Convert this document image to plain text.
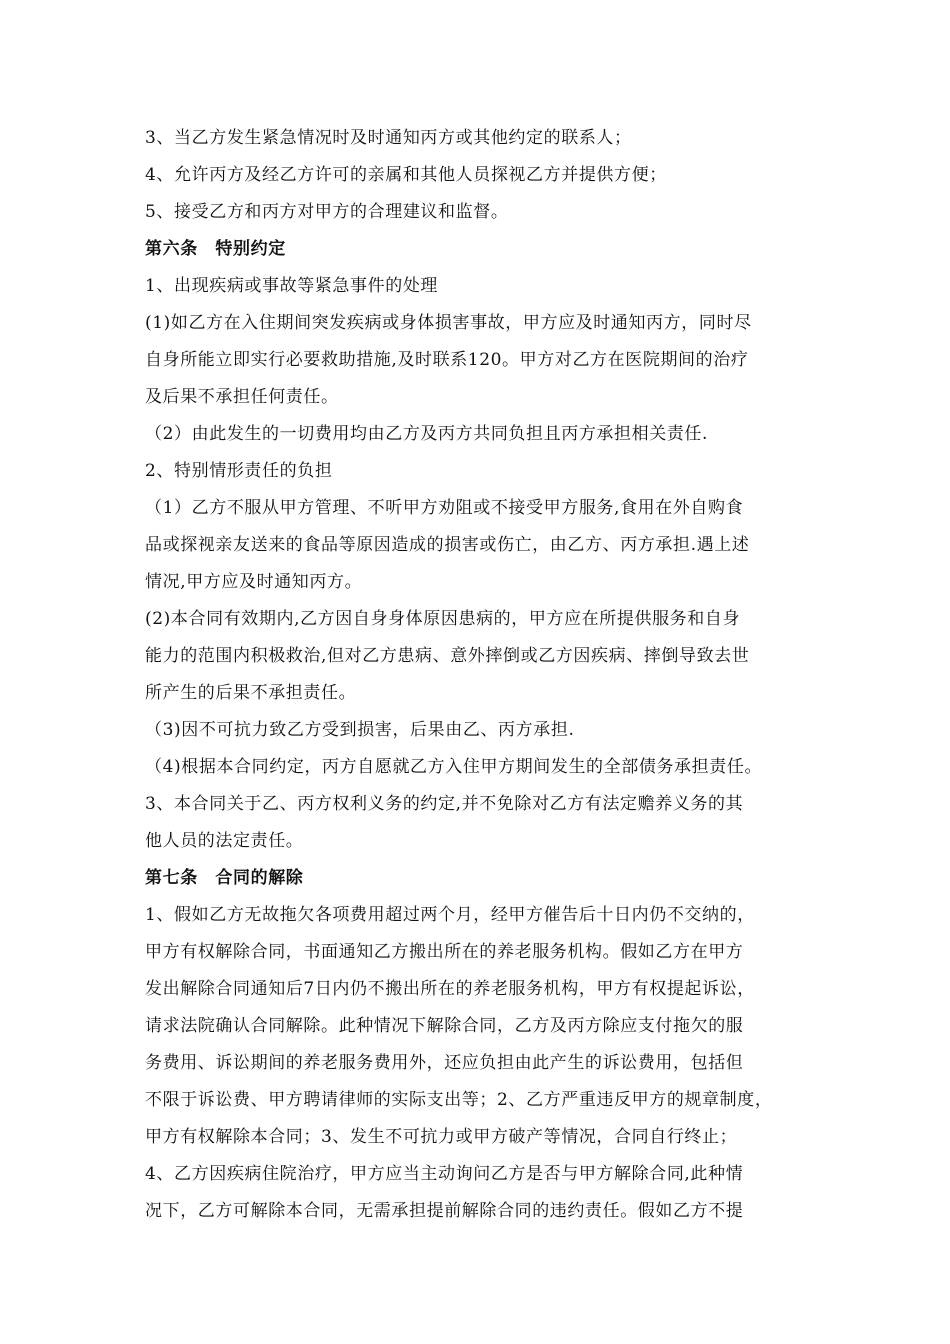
3、当乙方发生紧急情况时及时通知丙方或其他约定的联系人；
4、允许丙方及经乙方许可的亲属和其他人员探视乙方并提供方便；
5、接受乙方和丙方对甲方的合理建议和监督。
第六条　特别约定
1、出现疾病或事故等紧急事件的处理
(1)如乙方在入住期间突发疾病或身体损害事故，甲方应及时通知丙方，同时尽
自身所能立即实行必要救助措施,及时联系120。甲方对乙方在医院期间的治疗
及后果不承担任何责任。
（2）由此发生的一切费用均由乙方及丙方共同负担且丙方承担相关责任.
2、特别情形责任的负担
（1）乙方不服从甲方管理、不听甲方劝阻或不接受甲方服务,食用在外自购食
品或探视亲友送来的食品等原因造成的损害或伤亡，由乙方、丙方承担.遇上述
情况,甲方应及时通知丙方。
(2)本合同有效期内,乙方因自身身体原因患病的，甲方应在所提供服务和自身
能力的范围内积极救治,但对乙方患病、意外摔倒或乙方因疾病、摔倒导致去世
所产生的后果不承担责任。
（3)因不可抗力致乙方受到损害，后果由乙、丙方承担.
（4)根据本合同约定，丙方自愿就乙方入住甲方期间发生的全部债务承担责任。
3、本合同关于乙、丙方权利义务的约定,并不免除对乙方有法定赡养义务的其
他人员的法定责任。
第七条　合同的解除
1、假如乙方无故拖欠各项费用超过两个月，经甲方催告后十日内仍不交纳的，
甲方有权解除合同，书面通知乙方搬出所在的养老服务机构。假如乙方在甲方
发出解除合同通知后7日内仍不搬出所在的养老服务机构，甲方有权提起诉讼，
请求法院确认合同解除。此种情况下解除合同，乙方及丙方除应支付拖欠的服
务费用、诉讼期间的养老服务费用外，还应负担由此产生的诉讼费用，包括但
不限于诉讼费、甲方聘请律师的实际支出等；2、乙方严重违反甲方的规章制度，
甲方有权解除本合同；3、发生不可抗力或甲方破产等情况，合同自行终止；
4、乙方因疾病住院治疗，甲方应当主动询问乙方是否与甲方解除合同,此种情
况下，乙方可解除本合同，无需承担提前解除合同的违约责任。假如乙方不提
